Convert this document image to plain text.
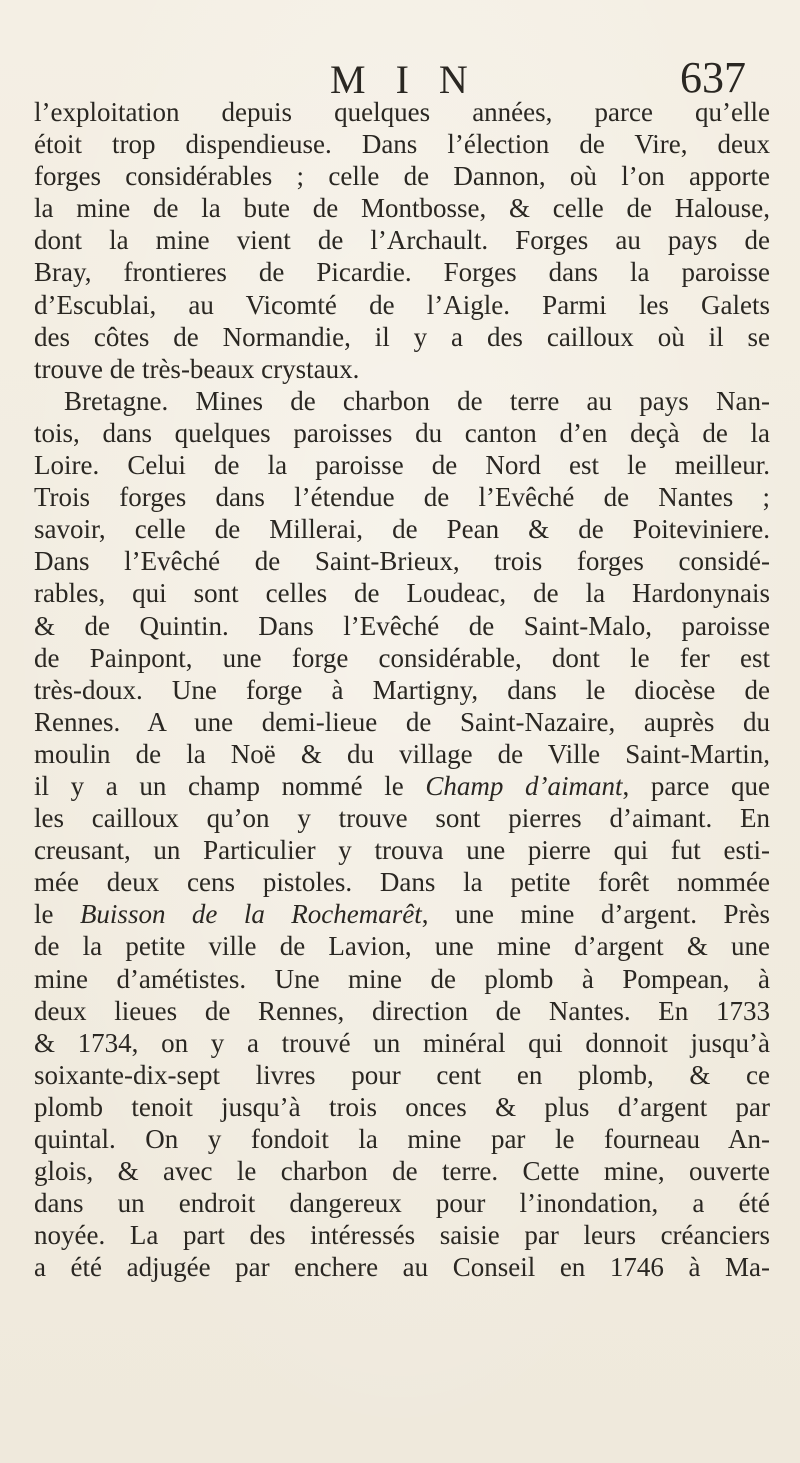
M I N	637
l’exploitation depuis quelques années, parce qu’elle
étoit trop dispendieuse. Dans l’élection de Vire, deux
forges considérables ; celle de Dannon, où l’on apporte
la mine de la bute de Montbosse, & celle de Halouse,
dont la mine vient de l’Archault. Forges au pays de
Bray, frontieres de Picardie. Forges dans la paroisse
d’Escublai, au Vicomté de l’Aigle. Parmi les Galets
des côtes de Normandie, il y a des cailloux où il se
trouve de très-beaux crystaux.
Bretagne. Mines de charbon de terre au pays Nan-
tois, dans quelques paroisses du canton d’en deçà de la
Loire. Celui de la paroisse de Nord est le meilleur.
Trois forges dans l’étendue de l’Evêché de Nantes ;
savoir, celle de Millerai, de Pean & de Poiteviniere.
Dans l’Evêché de Saint-Brieux, trois forges considé-
rables, qui sont celles de Loudeac, de la Hardonynais
& de Quintin. Dans l’Evêché de Saint-Malo, paroisse
de Painpont, une forge considérable, dont le fer est
très-doux. Une forge à Martigny, dans le diocèse de
Rennes. A une demi-lieue de Saint-Nazaire, auprès du
moulin de la Noë & du village de Ville Saint-Martin,
il y a un champ nommé le Champ d’aimant, parce que
les cailloux qu’on y trouve sont pierres d’aimant. En
creusant, un Particulier y trouva une pierre qui fut esti-
mée deux cens pistoles. Dans la petite forêt nommée
le Buisson de la Rochemarêt, une mine d’argent. Près
de la petite ville de Lavion, une mine d’argent & une
mine d’amétistes. Une mine de plomb à Pompean, à
deux lieues de Rennes, direction de Nantes. En 1733
& 1734, on y a trouvé un minéral qui donnoit jusqu’à
soixante-dix-sept livres pour cent en plomb, & ce
plomb tenoit jusqu’à trois onces & plus d’argent par
quintal. On y fondoit la mine par le fourneau An-
glois, & avec le charbon de terre. Cette mine, ouverte
dans un endroit dangereux pour l’inondation, a été
noyée. La part des intéressés saisie par leurs créanciers
a été adjugée par enchere au Conseil en 1746 à Ma-
